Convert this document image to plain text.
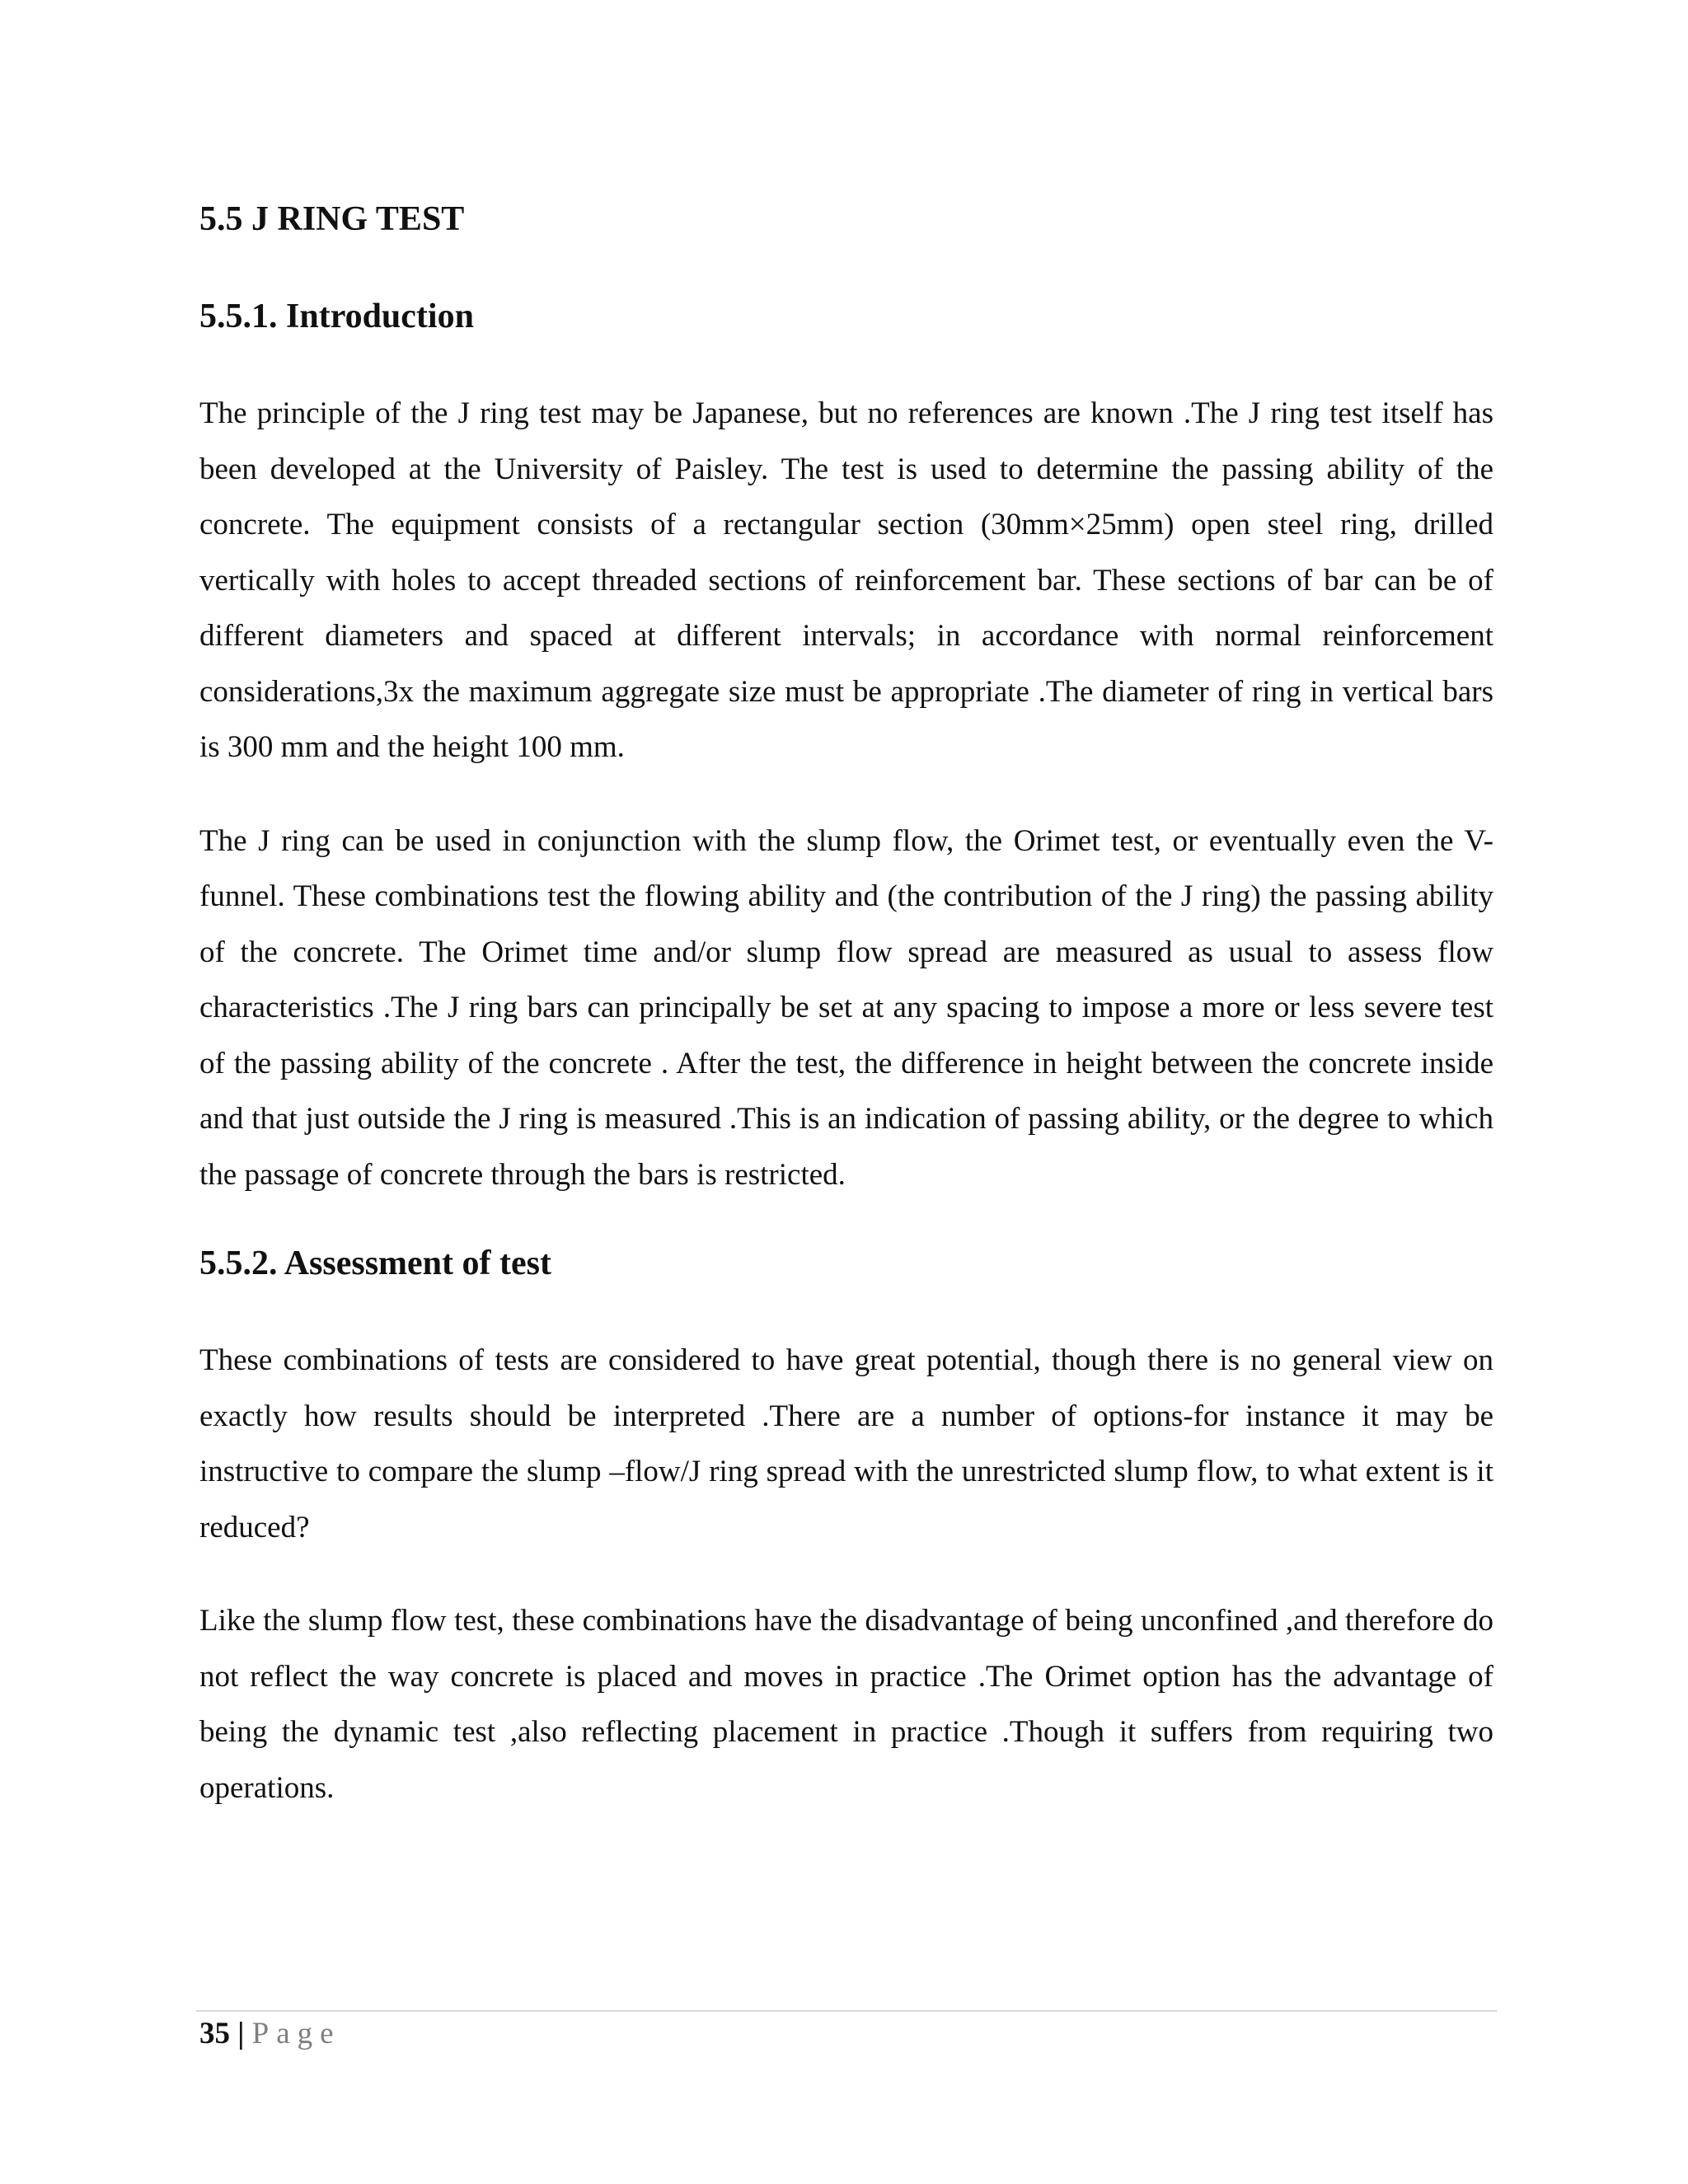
5.5 J RING TEST
5.5.1. Introduction

The principle of the J ring test may be Japanese, but no references are known .The J ring test itself has been developed at the University of Paisley. The test is used to determine the passing ability of the concrete. The equipment consists of a rectangular section (30mm×25mm) open steel ring, drilled vertically with holes to accept threaded sections of reinforcement bar. These sections of bar can be of different diameters and spaced at different intervals; in accordance with normal reinforcement considerations,3x the maximum aggregate size must be appropriate .The diameter of ring in vertical bars is 300 mm and the height 100 mm.

The J ring can be used in conjunction with the slump flow, the Orimet test, or eventually even the V-funnel. These combinations test the flowing ability and (the contribution of the J ring) the passing ability of the concrete. The Orimet time and/or slump flow spread are measured as usual to assess flow characteristics .The J ring bars can principally be set at any spacing to impose a more or less severe test of the passing ability of the concrete . After the test, the difference in height between the concrete inside and that just outside the J ring is measured .This is an indication of passing ability, or the degree to which the passage of concrete through the bars is restricted.

5.5.2. Assessment of test

These combinations of tests are considered to have great potential, though there is no general view on exactly how results should be interpreted .There are a number of options-for instance it may be instructive to compare the slump –flow/J ring spread with the unrestricted slump flow, to what extent is it reduced?

Like the slump flow test, these combinations have the disadvantage of being unconfined ,and therefore do not reflect the way concrete is placed and moves in practice .The Orimet option has the advantage of being the dynamic test ,also reflecting placement in practice .Though it suffers from requiring two operations.

35 | Page
